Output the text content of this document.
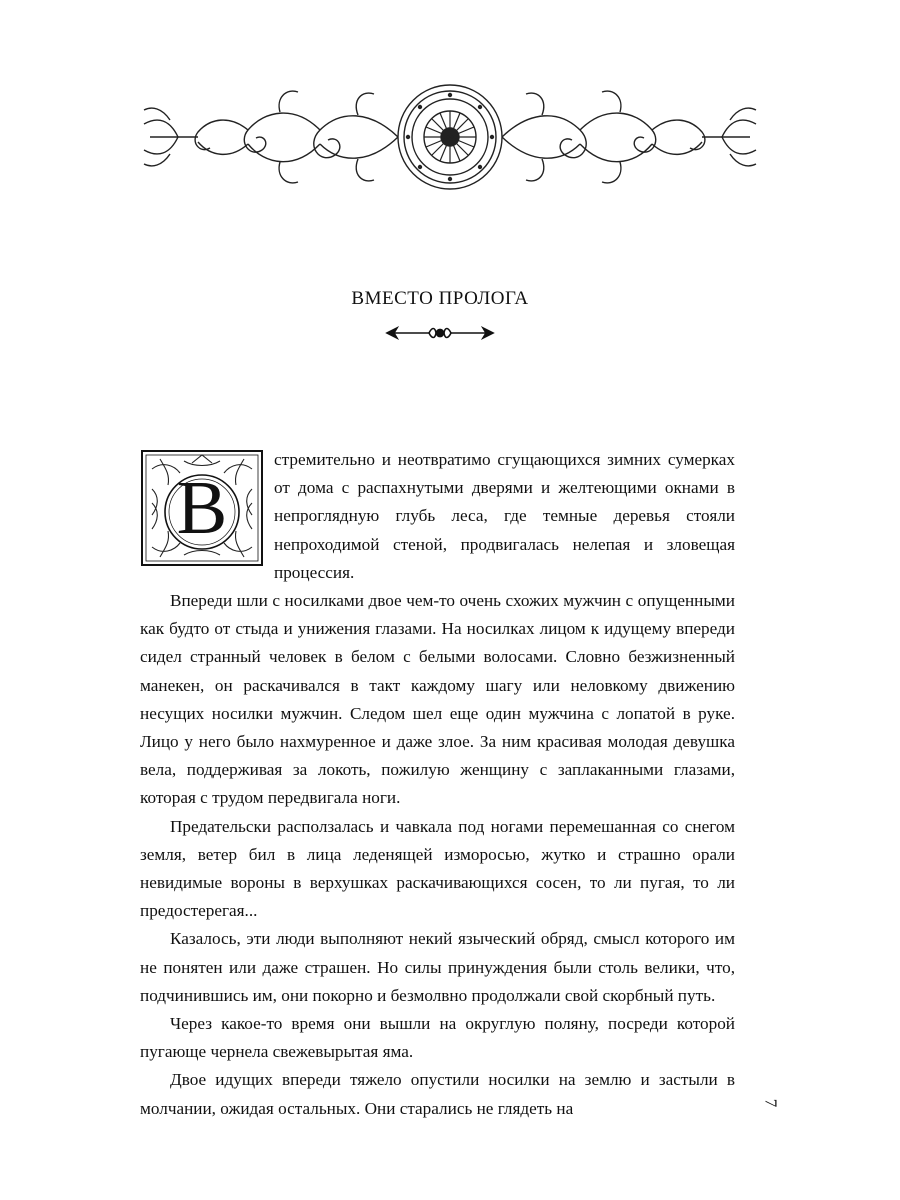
ВМЕСТО ПРОЛОГА
В

стремительно и неотвратимо сгущающихся зимних сумерках от дома с распахнутыми дверями и желтеющими окнами в непроглядную глубь леса, где темные деревья стояли непроходимой стеной, продвигалась нелепая и зловещая процессия.

Впереди шли с носилками двое чем-то очень схожих мужчин с опущенными как будто от стыда и унижения глазами. На носилках лицом к идущему впереди сидел странный человек в белом с белыми волосами. Словно безжизненный манекен, он раскачивался в такт каждому шагу или неловкому движению несущих носилки мужчин. Следом шел еще один мужчина с лопатой в руке. Лицо у него было нахмуренное и даже злое. За ним красивая молодая девушка вела, поддерживая за локоть, пожилую женщину с заплаканными глазами, которая с трудом передвигала ноги.

Предательски расползалась и чавкала под ногами перемешанная со снегом земля, ветер бил в лица леденящей изморосью, жутко и страшно орали невидимые вороны в верхушках раскачивающихся сосен, то ли пугая, то ли предостерегая...

Казалось, эти люди выполняют некий языческий обряд, смысл которого им не понятен или даже страшен. Но силы принуждения были столь велики, что, подчинившись им, они покорно и безмолвно продолжали свой скорбный путь.

Через какое-то время они вышли на округлую поляну, посреди которой пугающе чернела свежевырытая яма.

Двое идущих впереди тяжело опустили носилки на землю и застыли в молчании, ожидая остальных. Они старались не глядеть на	7
